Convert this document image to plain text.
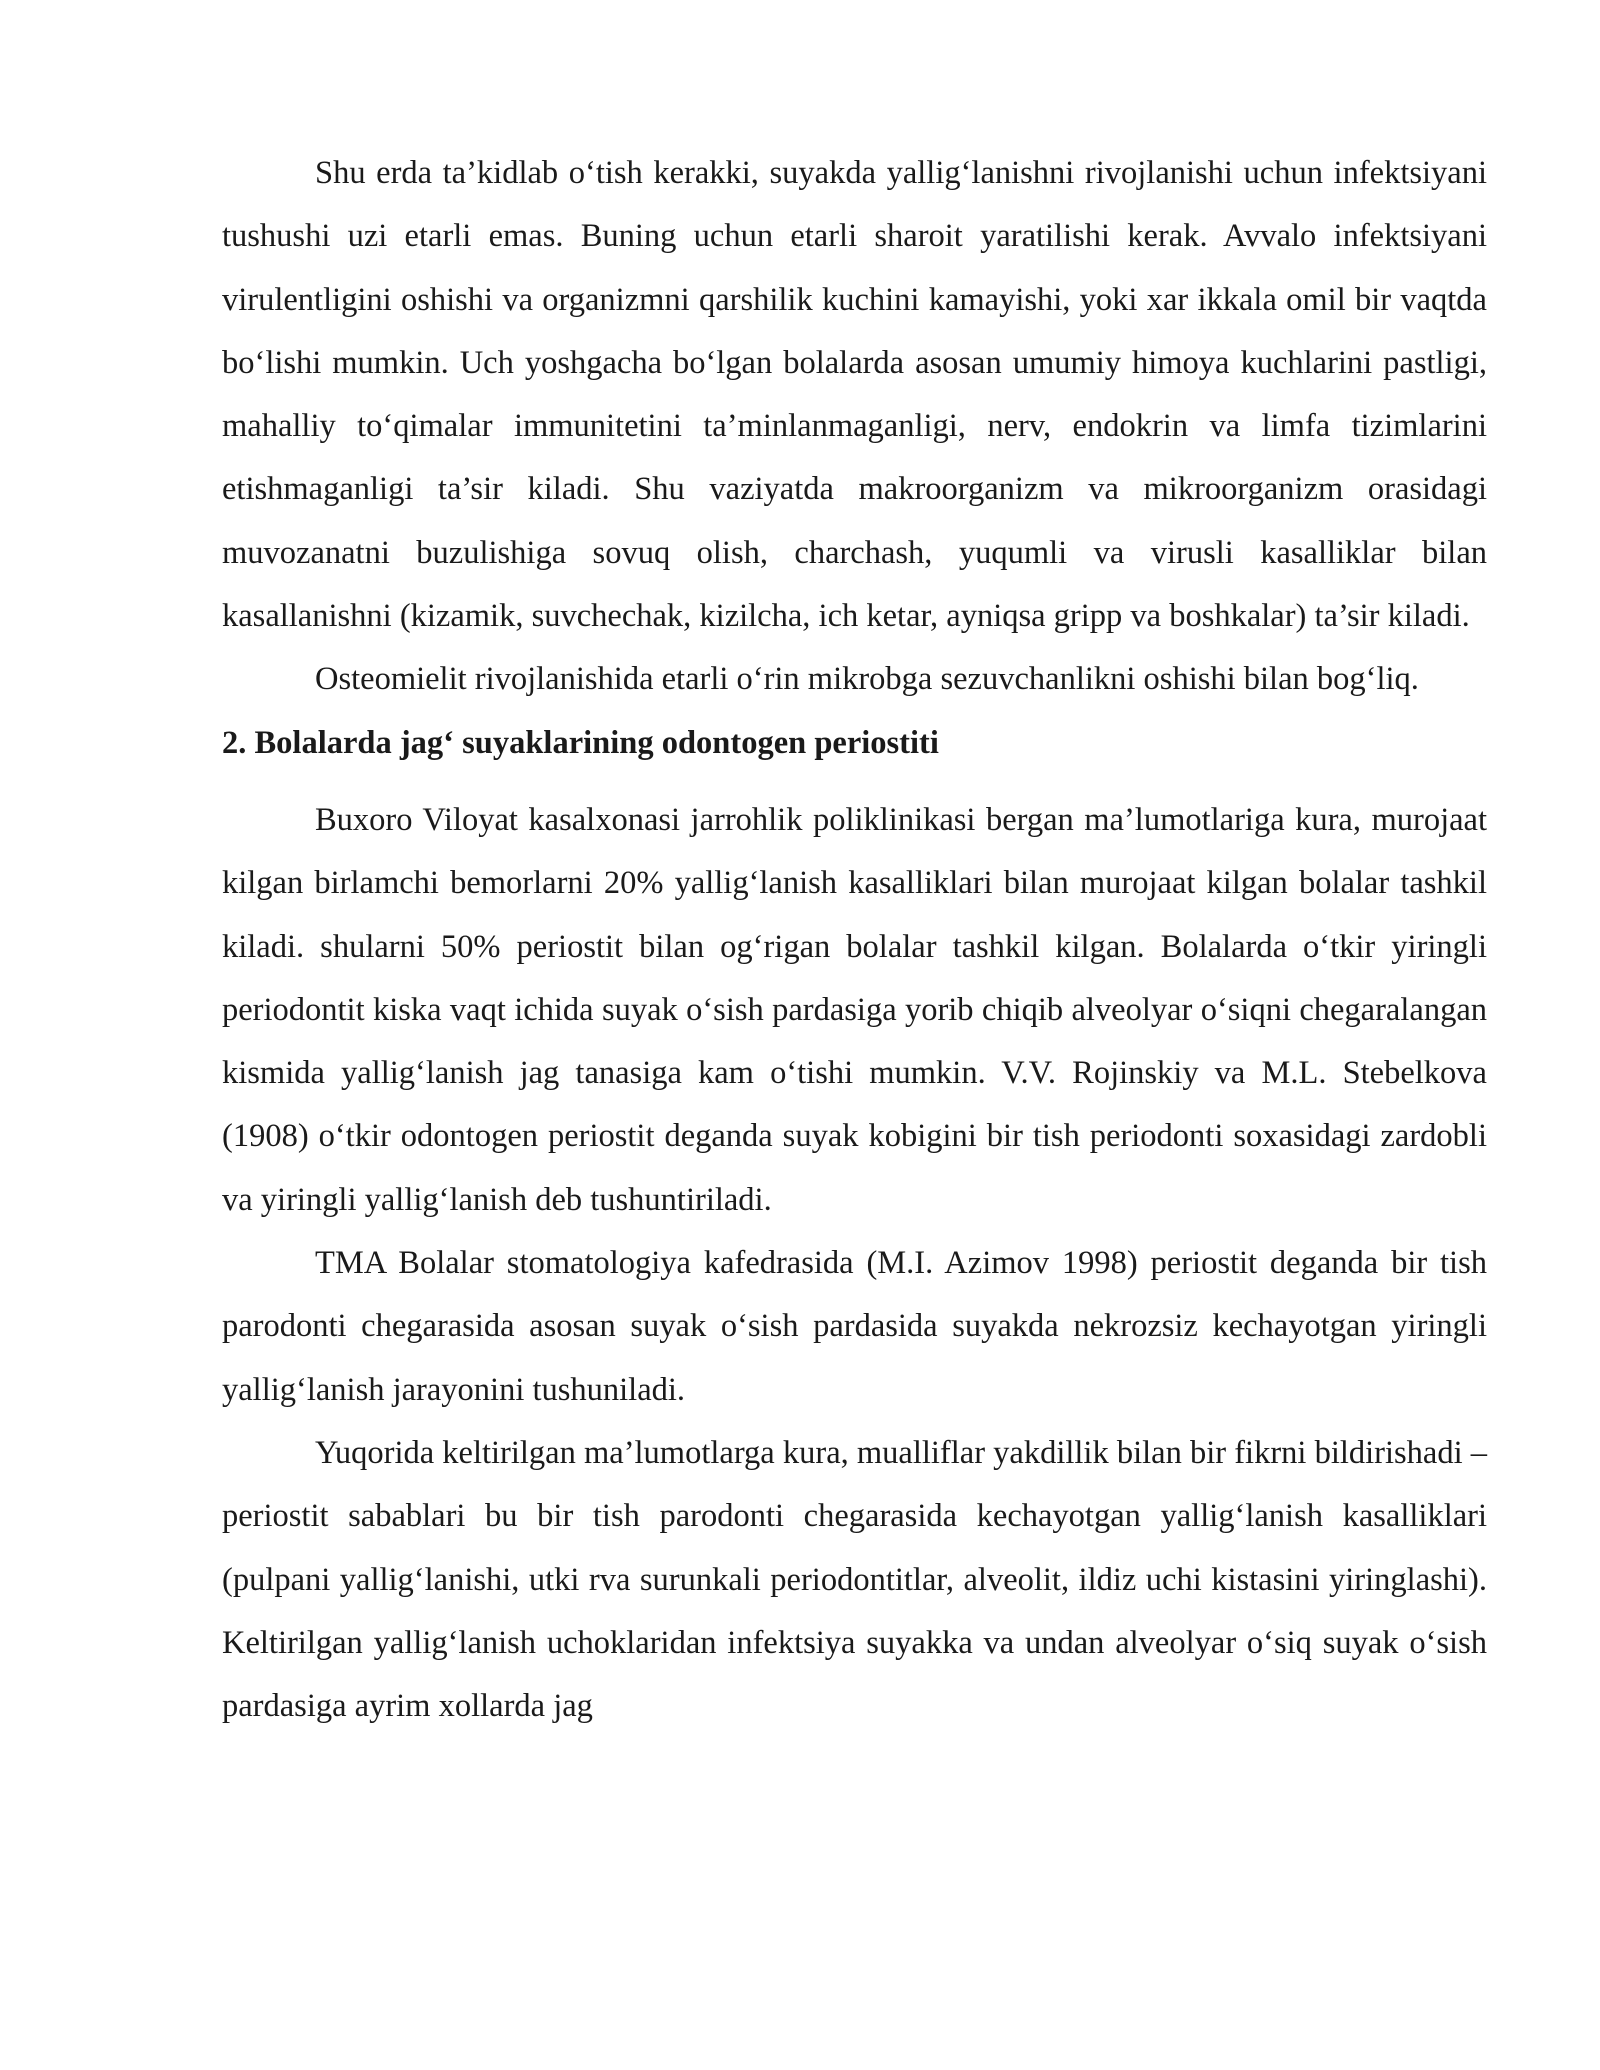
Shu erda ta’kidlab o‘tish kerakki, suyakda yallig‘lanishni rivojlanishi uchun infektsiyani tushushi uzi etarli emas. Buning uchun etarli sharoit yaratilishi kerak. Avvalo infektsiyani virulentligini oshishi va organizmni qarshilik kuchini kamayishi, yoki xar ikkala omil bir vaqtda bo‘lishi mumkin. Uch yoshgacha bo‘lgan bolalarda asosan umumiy himoya kuchlarini pastligi, mahalliy to‘qimalar immunitetini ta’minlanmaganligi, nerv, endokrin va limfa tizimlarini etishmaganligi ta’sir kiladi. Shu vaziyatda makroorganizm va mikroorganizm orasidagi muvozanatni buzulishiga sovuq olish, charchash, yuqumli va virusli kasalliklar bilan kasallanishni (kizamik, suvchechak, kizilcha, ich ketar, ayniqsa gripp va boshkalar) ta’sir kiladi.

Osteomielit rivojlanishida etarli o‘rin mikrobga sezuvchanlikni oshishi bilan bog‘liq.

2. Bolalarda jag‘ suyaklarining odontogen periostiti

Buxoro Viloyat kasalxonasi jarrohlik poliklinikasi bergan ma’lumotlariga kura, murojaat kilgan birlamchi bemorlarni 20% yallig‘lanish kasalliklari bilan murojaat kilgan bolalar tashkil kiladi. shularni 50% periostit bilan og‘rigan bolalar tashkil kilgan. Bolalarda o‘tkir yiringli periodontit kiska vaqt ichida suyak o‘sish pardasiga yorib chiqib alveolyar o‘siqni chegaralangan kismida yallig‘lanish jag tanasiga kam o‘tishi mumkin. V.V. Rojinskiy va M.L. Stebelkova (1908) o‘tkir odontogen periostit deganda suyak kobigini bir tish periodonti soxasidagi zardobli va yiringli yallig‘lanish deb tushuntiriladi.

TMA Bolalar stomatologiya kafedrasida (M.I. Azimov 1998) periostit deganda bir tish parodonti chegarasida asosan suyak o‘sish pardasida suyakda nekrozsiz kechayotgan yiringli yallig‘lanish jarayonini tushuniladi.

Yuqorida keltirilgan ma’lumotlarga kura, mualliflar yakdillik bilan bir fikrni bildirishadi – periostit sabablari bu bir tish parodonti chegarasida kechayotgan yallig‘lanish kasalliklari (pulpani yallig‘lanishi, utki rva surunkali periodontitlar, alveolit, ildiz uchi kistasini yiringlashi). Keltirilgan yallig‘lanish uchoklaridan infektsiya suyakka va undan alveolyar o‘siq suyak o‘sish pardasiga ayrim xollarda jag
